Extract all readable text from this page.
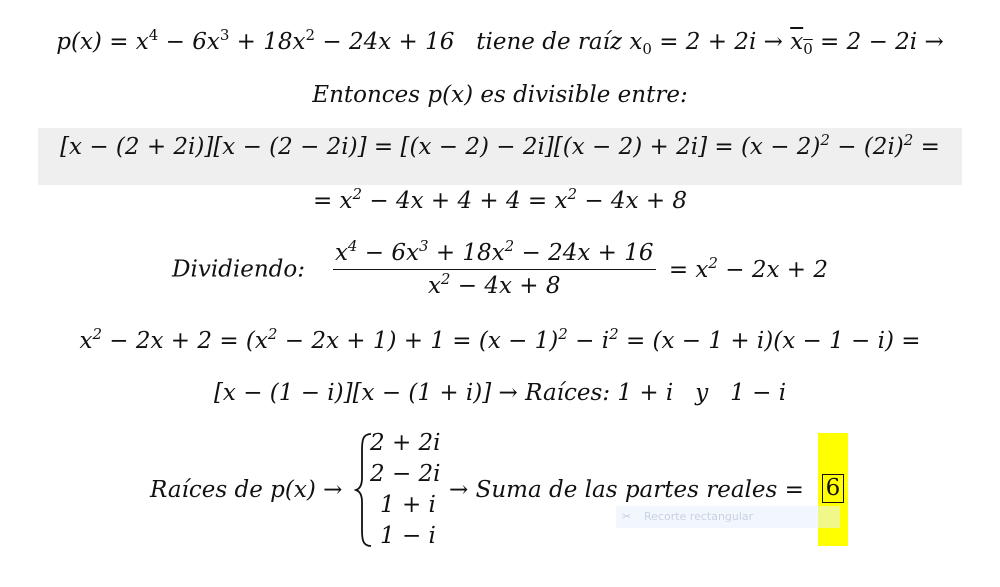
$p(x) = x^4 - 6x^3 + 18x^2 - 24x + 16$ tiene de raíz $x_0 = 2 + 2i \to \overline{x}_0 = 2 - 2i$ →
Entonces p(x) es divisible entre:
$[x - (2 + 2i)][x - (2 - 2i)] = [(x - 2) - 2i][(x - 2) + 2i] = (x - 2)^2 - (2i)^2$ =
= $x^2 - 4x + 4 + 4 = x^2 - 4x + 8$
Dividiendo: $\frac{x^4 - 6x^3 + 18x^2 - 24x + 16}{x^2 - 4x + 8} = x^2 - 2x + 2$
$x^2 - 2x + 2 = (x^2 - 2x + 1) + 1 = (x - 1)^2 - i^2 = (x - 1 + i)(x - 1 - i)$ =
[x − (1 − i)][x − (1 + i)] → Raíces: 1 + i y 1 − i
Raíces de p(x) →
2 + 2i
2 − 2i
1 + i
1 − i
→ Suma de las partes reales = 6
✂ Recorte rectangular
